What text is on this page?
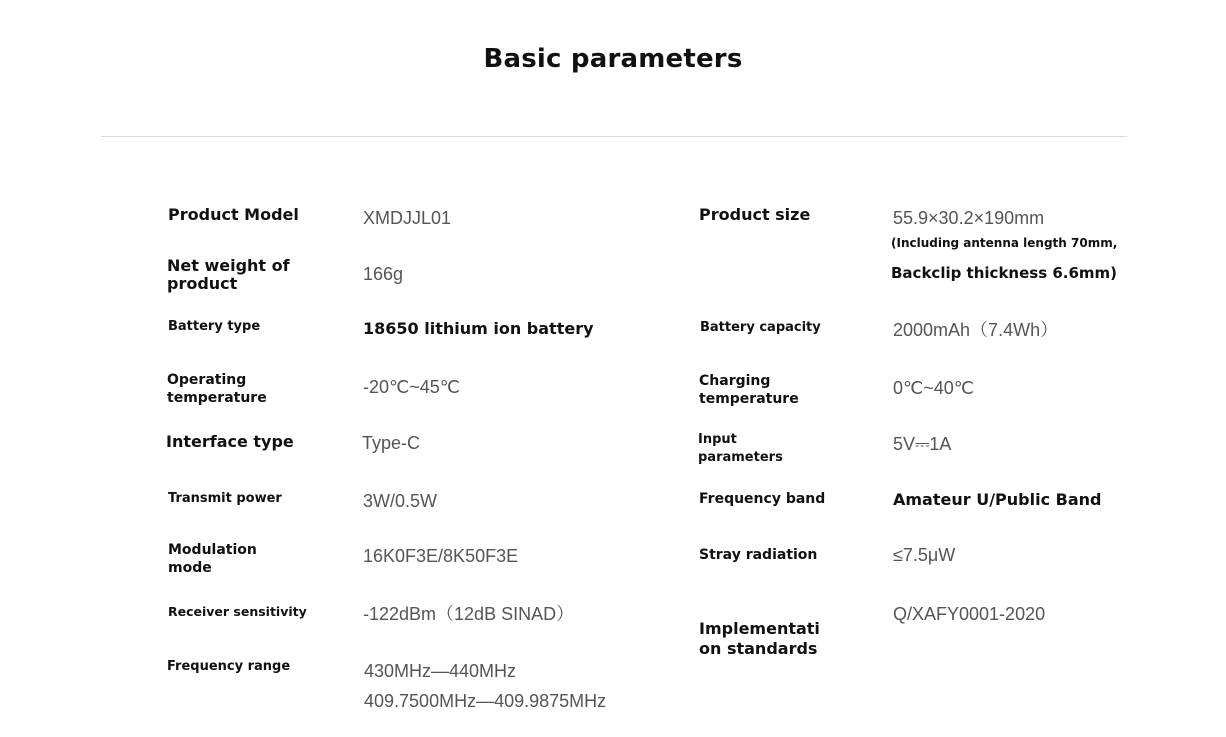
Basic parameters
Product Model	XMDJJL01
Net weight of
product	166g
Battery type	18650 lithium ion battery
Operating
temperature
-20℃~45℃
Interface type	Type-C
Transmit power	3W/0.5W
Modulation
mode
16K0F3E/8K50F3E
Receiver sensitivity	-122dBm（12dB SINAD）
Frequency range	430MHz—440MHz
409.7500MHz—409.9875MHz
Product size	55.9×30.2×190mm
(Including antenna length 70mm,
Backclip thickness 6.6mm)
Battery capacity	2000mAh（7.4Wh）
Charging
temperature
0℃~40℃
Input
parameters
5V⎓1A
Frequency band	Amateur U/Public Band
Stray radiation	≤7.5μW
Implementati
on standards
Q/XAFY0001-2020
